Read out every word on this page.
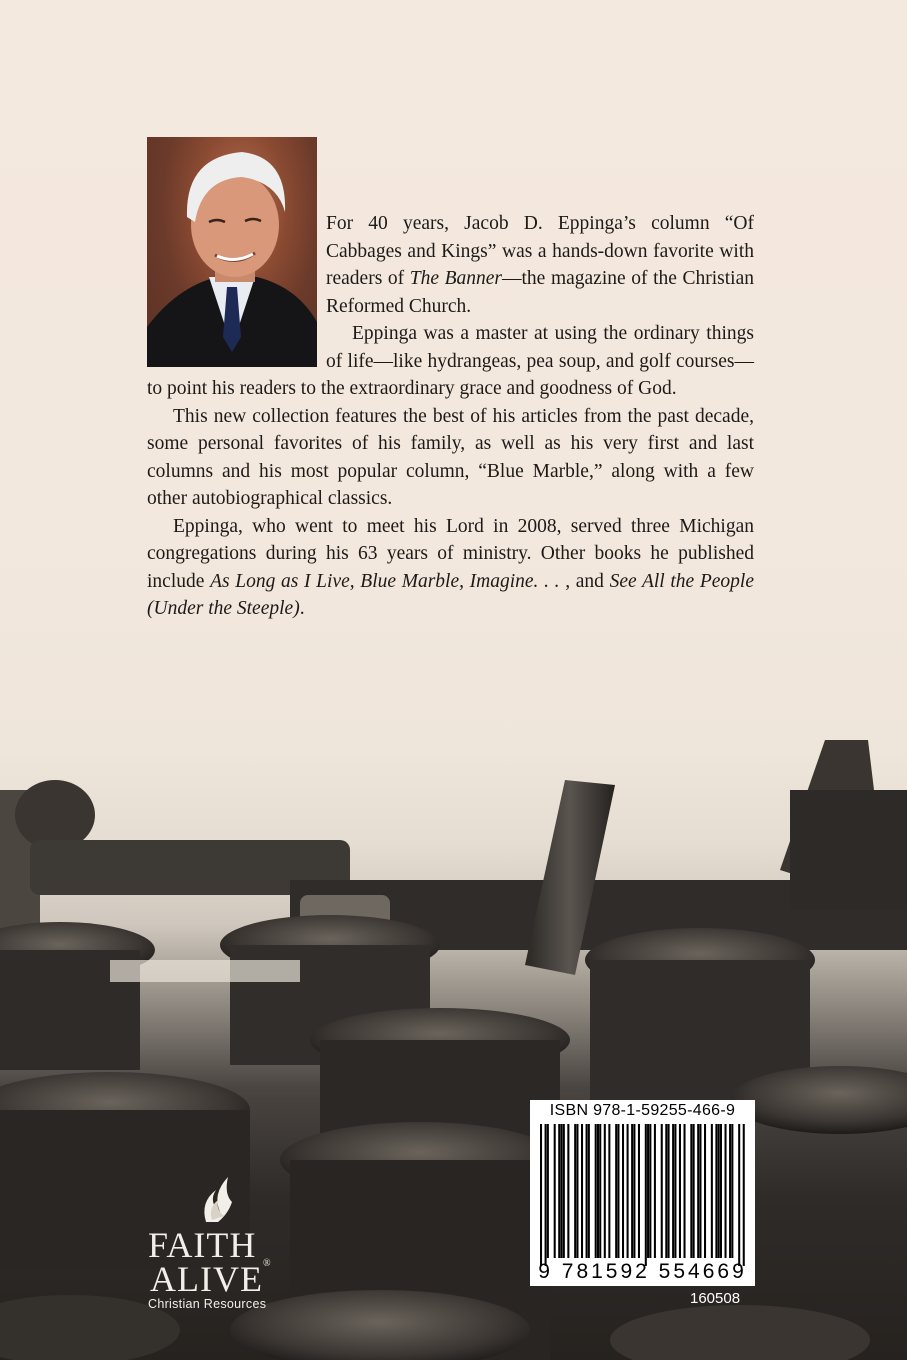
For 40 years, Jacob D. Eppinga’s column “Of Cabbages and Kings” was a hands-down favorite with readers of The Banner—the magazine of the Christian Reformed Church.

Eppinga was a master at using the ordinary things of life—like hydrangeas, pea soup, and golf courses—to point his readers to the extraordinary grace and goodness of God.

This new collection features the best of his articles from the past decade, some personal favorites of his family, as well as his very first and last columns and his most popular column, “Blue Marble,” along with a few other autobiographical classics.

Eppinga, who went to meet his Lord in 2008, served three Michigan congregations during his 63 years of ministry. Other books he published include As Long as I Live, Blue Marble, Imagine. . . , and See All the People (Under the Steeple).

FAITH
ALIVE®
Christian Resources
ISBN 978-1-59255-466-9
9 781592 554669
160508
